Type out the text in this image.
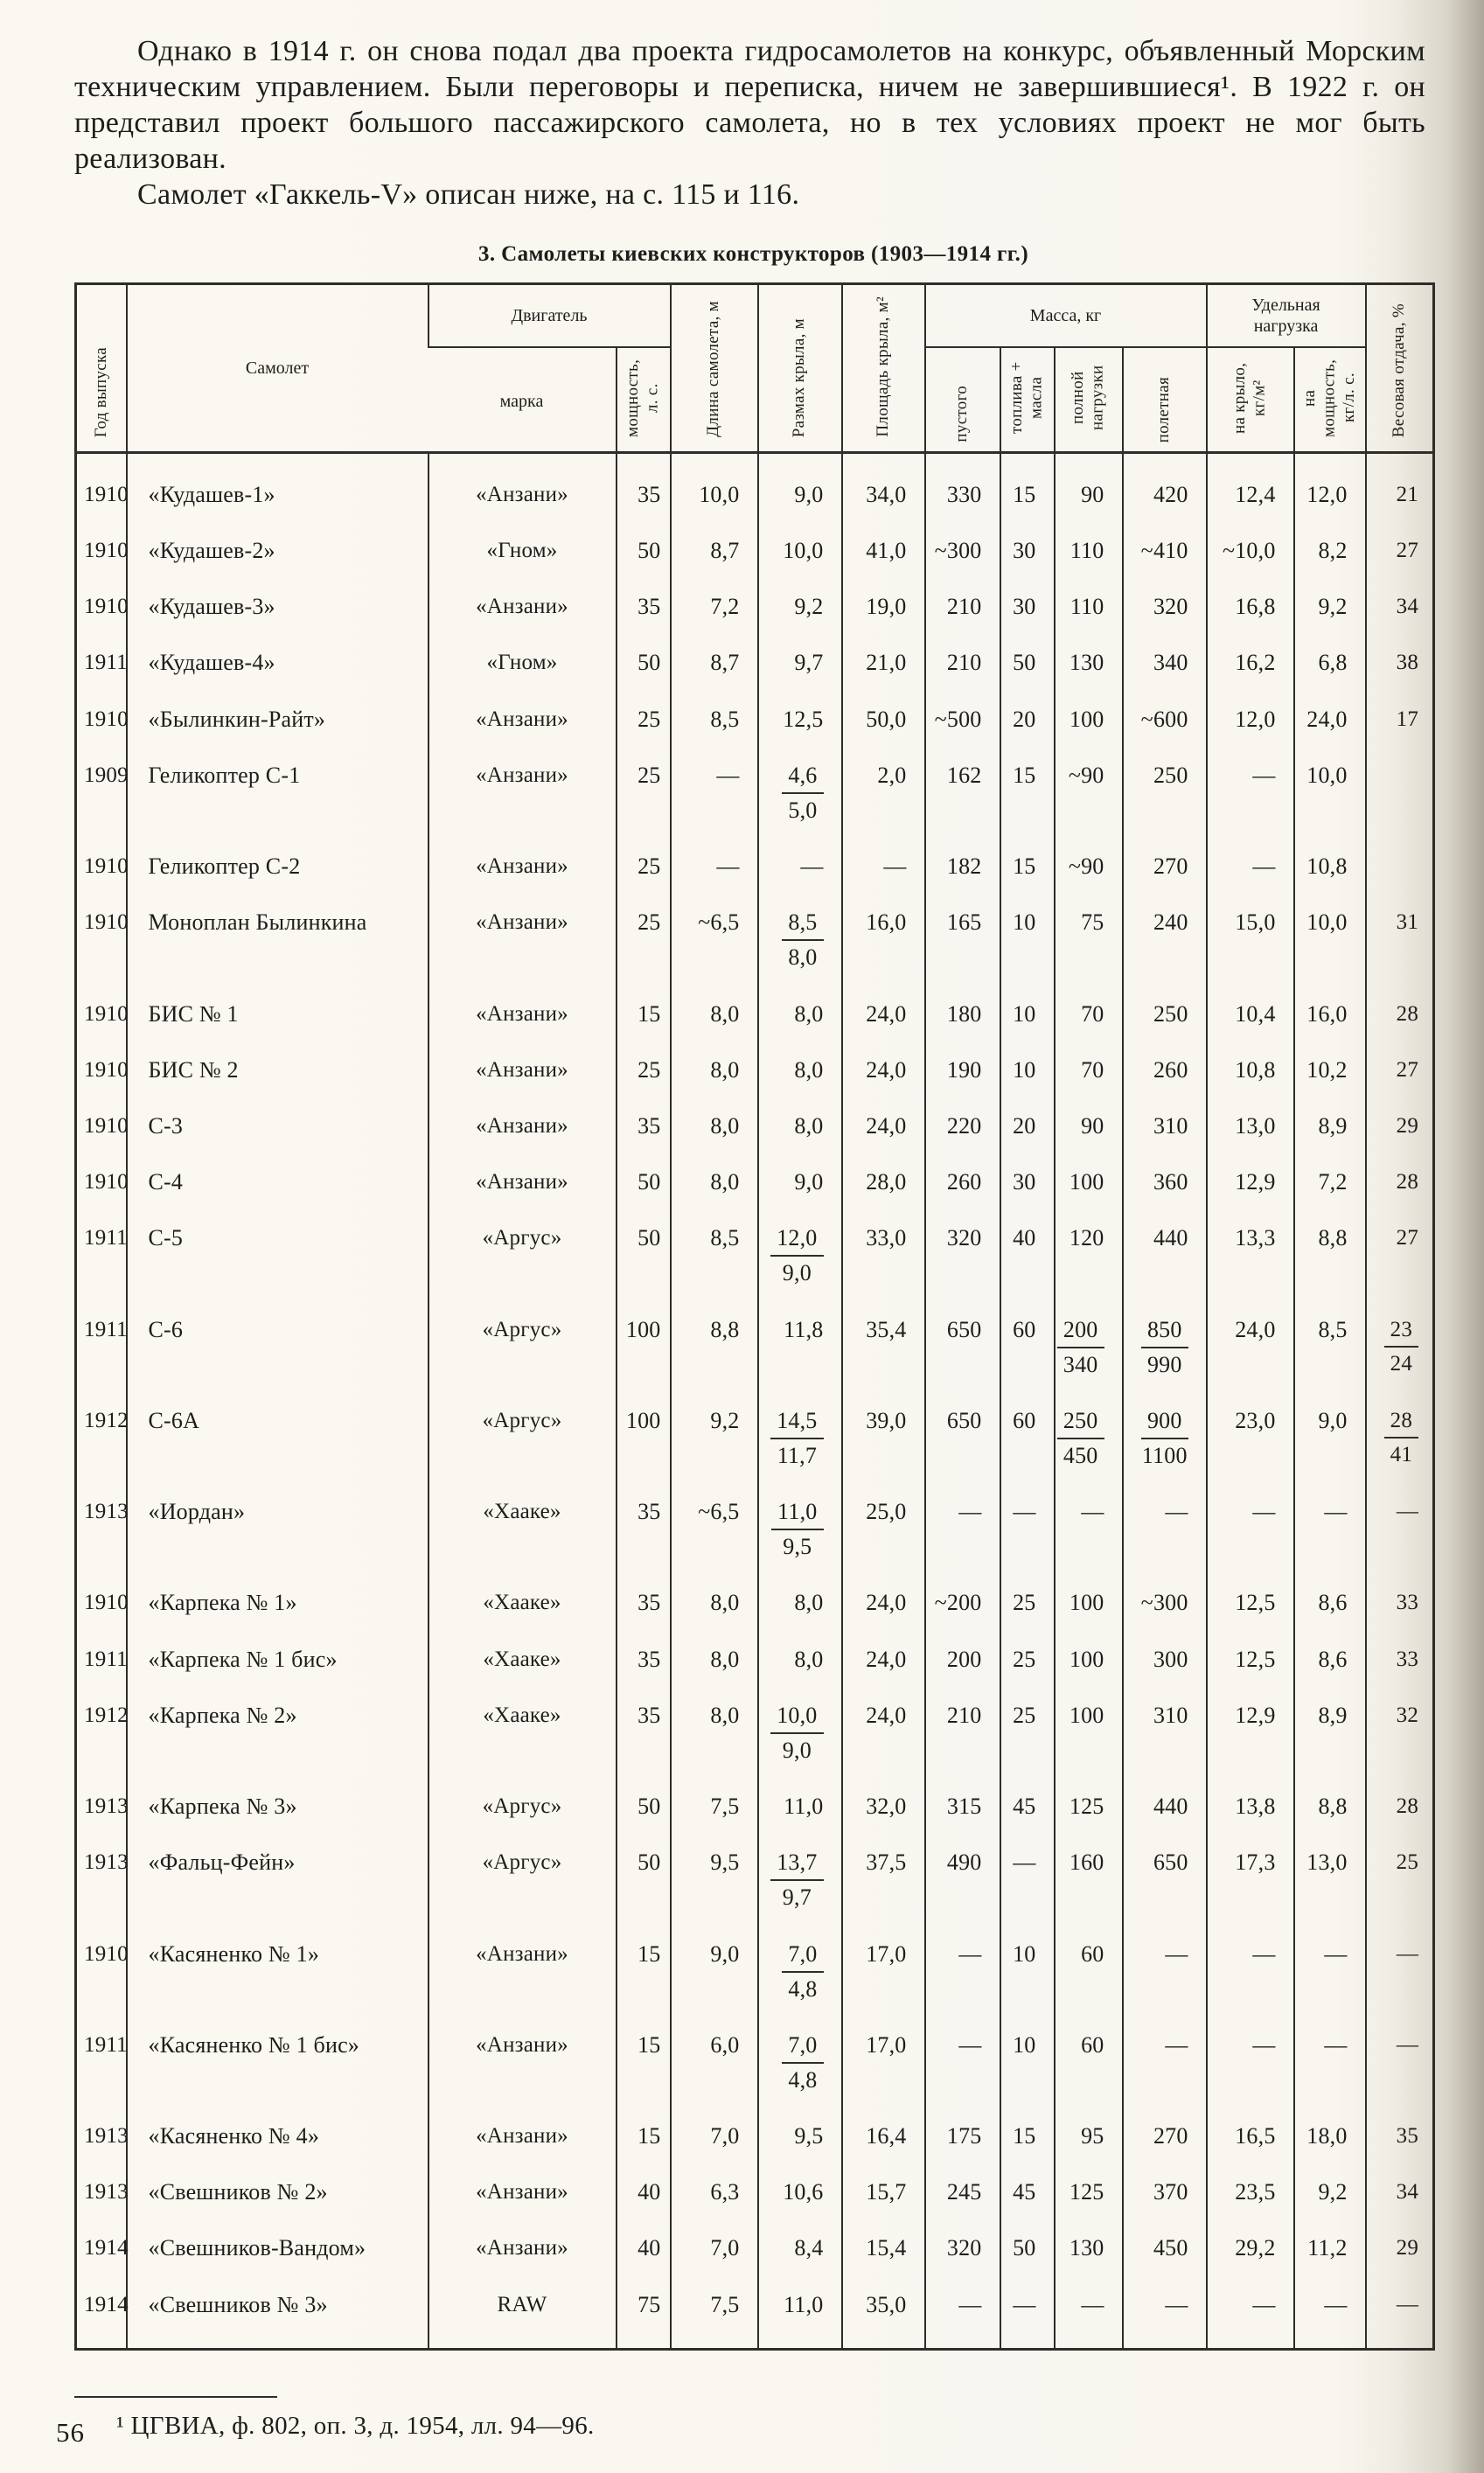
Однако в 1914 г. он снова подал два проекта гидросамолетов на конкурс, объявленный Морским техническим управлением. Были переговоры и переписка, ничем не завершившиеся¹. В 1922 г. он представил проект большого пассажирского самолета, но в тех условиях проект не мог быть реализован.

Самолет «Гаккель-V» описан ниже, на с. 115 и 116.

3. Самолеты киевских конструкторов (1903—1914 гг.)
Год выпуска	Самолет	Двигатель		Длина самолета, м	Размах крыла, м	Площадь крыла, м²	Масса, кг				Удельная нагрузка		Весовая отдача, %

		марка	мощность, л. с.				пустого	топлива + масла	полной нагрузки	полетная	на крыло, кг/м²	на мощность, кг/л. с.	

1910	«Кудашев-1»	«Анзани»	35	10,0	9,0	34,0	330	15	90	420	12,4	12,0	21
1910	«Кудашев-2»	«Гном»	50	8,7	10,0	41,0	~300	30	110	~410	~10,0	8,2	27
1910	«Кудашев-3»	«Анзани»	35	7,2	9,2	19,0	210	30	110	320	16,8	9,2	34
1911	«Кудашев-4»	«Гном»	50	8,7	9,7	21,0	210	50	130	340	16,2	6,8	38
1910	«Былинкин-Райт»	«Анзани»	25	8,5	12,5	50,0	~500	20	100	~600	12,0	24,0	17
1909	Геликоптер С-1	«Анзани»	25	—	$\frac{4,6}{5,0}$	2,0	162	15	~90	250	—	10,0	
1910	Геликоптер С-2	«Анзани»	25	—	—	—	182	15	~90	270	—	10,8	
1910	Моноплан Былинкина	«Анзани»	25	~6,5	$\frac{8,5}{8,0}$	16,0	165	10	75	240	15,0	10,0	31
1910	БИС № 1	«Анзани»	15	8,0	8,0	24,0	180	10	70	250	10,4	16,0	28
1910	БИС № 2	«Анзани»	25	8,0	8,0	24,0	190	10	70	260	10,8	10,2	27
1910	С-3	«Анзани»	35	8,0	8,0	24,0	220	20	90	310	13,0	8,9	29
1910	С-4	«Анзани»	50	8,0	9,0	28,0	260	30	100	360	12,9	7,2	28
1911	С-5	«Аргус»	50	8,5	$\frac{12,0}{9,0}$	33,0	320	40	120	440	13,3	8,8	27
1911	С-6	«Аргус»	100	8,8	11,8	35,4	650	60	$\frac{200}{340}$	$\frac{850}{990}$	24,0	8,5	$\frac{23}{24}$

1912	С-6А	«Аргус»	100	9,2	$\frac{14,5}{11,7}$	39,0	650	60	$\frac{250}{450}$	$\frac{900}{1100}$	23,0	9,0	$\frac{28}{41}$

1913	«Иордан»	«Хааке»	35	~6,5	$\frac{11,0}{9,5}$	25,0	—	—	—	—	—	—	—
1910	«Карпека № 1»	«Хааке»	35	8,0	8,0	24,0	~200	25	100	~300	12,5	8,6	33
1911	«Карпека № 1 бис»	«Хааке»	35	8,0	8,0	24,0	200	25	100	300	12,5	8,6	33
1912	«Карпека № 2»	«Хааке»	35	8,0	$\frac{10,0}{9,0}$	24,0	210	25	100	310	12,9	8,9	32
1913	«Карпека № 3»	«Аргус»	50	7,5	11,0	32,0	315	45	125	440	13,8	8,8	28
1913	«Фальц-Фейн»	«Аргус»	50	9,5	$\frac{13,7}{9,7}$	37,5	490	—	160	650	17,3	13,0	25
1910	«Касяненко № 1»	«Анзани»	15	9,0	$\frac{7,0}{4,8}$	17,0	—	10	60	—	—	—	—
1911	«Касяненко № 1 бис»	«Анзани»	15	6,0	$\frac{7,0}{4,8}$	17,0	—	10	60	—	—	—	—
1913	«Касяненко № 4»	«Анзани»	15	7,0	9,5	16,4	175	15	95	270	16,5	18,0	35
1913	«Свешников № 2»	«Анзани»	40	6,3	10,6	15,7	245	45	125	370	23,5	9,2	34
1914	«Свешников-Вандом»	«Анзани»	40	7,0	8,4	15,4	320	50	130	450	29,2	11,2	29
1914	«Свешников № 3»	RAW	75	7,5	11,0	35,0	—	—	—	—	—	—	—

¹ ЦГВИА, ф. 802, оп. 3, д. 1954, лл. 94—96.

56
